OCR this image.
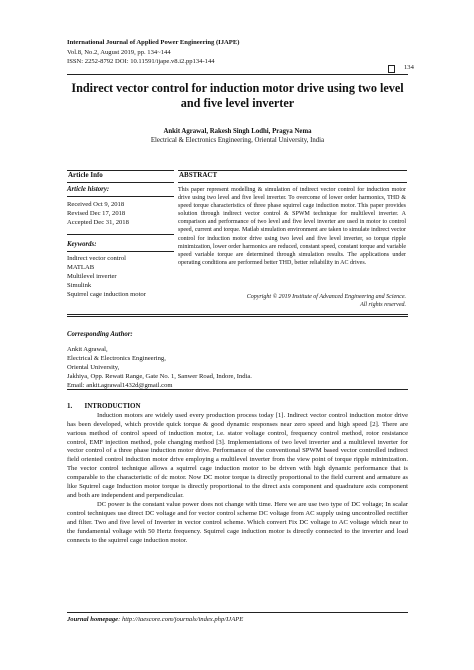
International Journal of Applied Power Engineering (IJAPE)
Vol.8, No.2, August 2019, pp. 134~144
ISSN: 2252-8792 DOI: 10.11591/ijape.v8.i2.pp134-144
134
Indirect vector control for induction motor drive using two level
and five level inverter
Ankit Agrawal, Rakesh Singh Lodhi, Pragya Nema
Electrical & Electronics Engineering, Oriental University, India
Article Info	ABSTRACT
Article history:
Received Oct 9, 2018
Revised Dec 17, 2018
Accepted Dec 31, 2018
Keywords:
Indirect vector control
MATLAB
Multilevel inverter
Simulink
Squirrel cage induction motor
This paper represent modelling & simulation of indirect vector control for induction motor drive using two level and five level inverter. To overcome of lower order harmonics, THD & speed torque characteristics of three phase squirrel cage induction motor. This paper provides solution through indirect vector control & SPWM technique for multilevel inverter. A comparison and performance of two level and five level inverter are used in motor to control speed, current and torque. Matlab simulation environment are taken to simulate indirect vector control for induction motor drive using two level and five level inverter, so torque ripple minimization, lower order harmonics are reduced, constant speed, constant torque and variable speed variable torque are determined through simulation results. The applications under operating conditions are performed better THD, better reliability in AC drives.
Copyright © 2019 Institute of Advanced Engineering and Science.
All rights reserved.
Corresponding Author:
Ankit Agrawal,
Electrical & Electronics Engineering,
Oriental University,
Jakhiya, Opp. Rewati Range, Gate No. 1, Sanwer Road, Indore, India.
Email: ankit.agrawal1432d@gmail.com
1.       INTRODUCTION

Induction motors are widely used every production process today [1]. Indirect vector control induction motor drive has been developed, which provide quick torque & good dynamic responses near zero speed and high speed [2]. There are various method of control speed of induction motor, i.e. stator voltage control, frequency control method, rotor resistance control, EMF injection method, pole changing method [3]. Implementations of two level inverter and a multilevel inverter for vector control of a three phase induction motor drive. Performance of the conventional SPWM based vector controlled indirect field oriented control induction motor drive employing a multilevel inverter from the view point of torque ripple minimization. The vector control technique allows a squirrel cage induction motor to be driven with high dynamic performance that is comparable to the characteristic of dc motor. Now DC motor torque is directly proportional to the field current and armature as like Squirrel cage Induction motor torque is directly proportional to the direct axis component and quadrature axis component and both are independent and perpendicular.

DC power is the constant value power does not change with time. Here we are use two type of DC voltage; In scalar control techniques use direct DC voltage and for vector control scheme DC voltage from AC supply using uncontrolled rectifier and filter. Two and five level of Inverter in vector control scheme. Which convert Fix DC voltage to AC voltage which near to the fundamental voltage with 50 Hertz frequency. Squirrel cage induction motor is directly connected to the inverter and load connects to the squirrel cage induction motor.

Journal homepage: http://iaescore.com/journals/index.php/IJAPE
